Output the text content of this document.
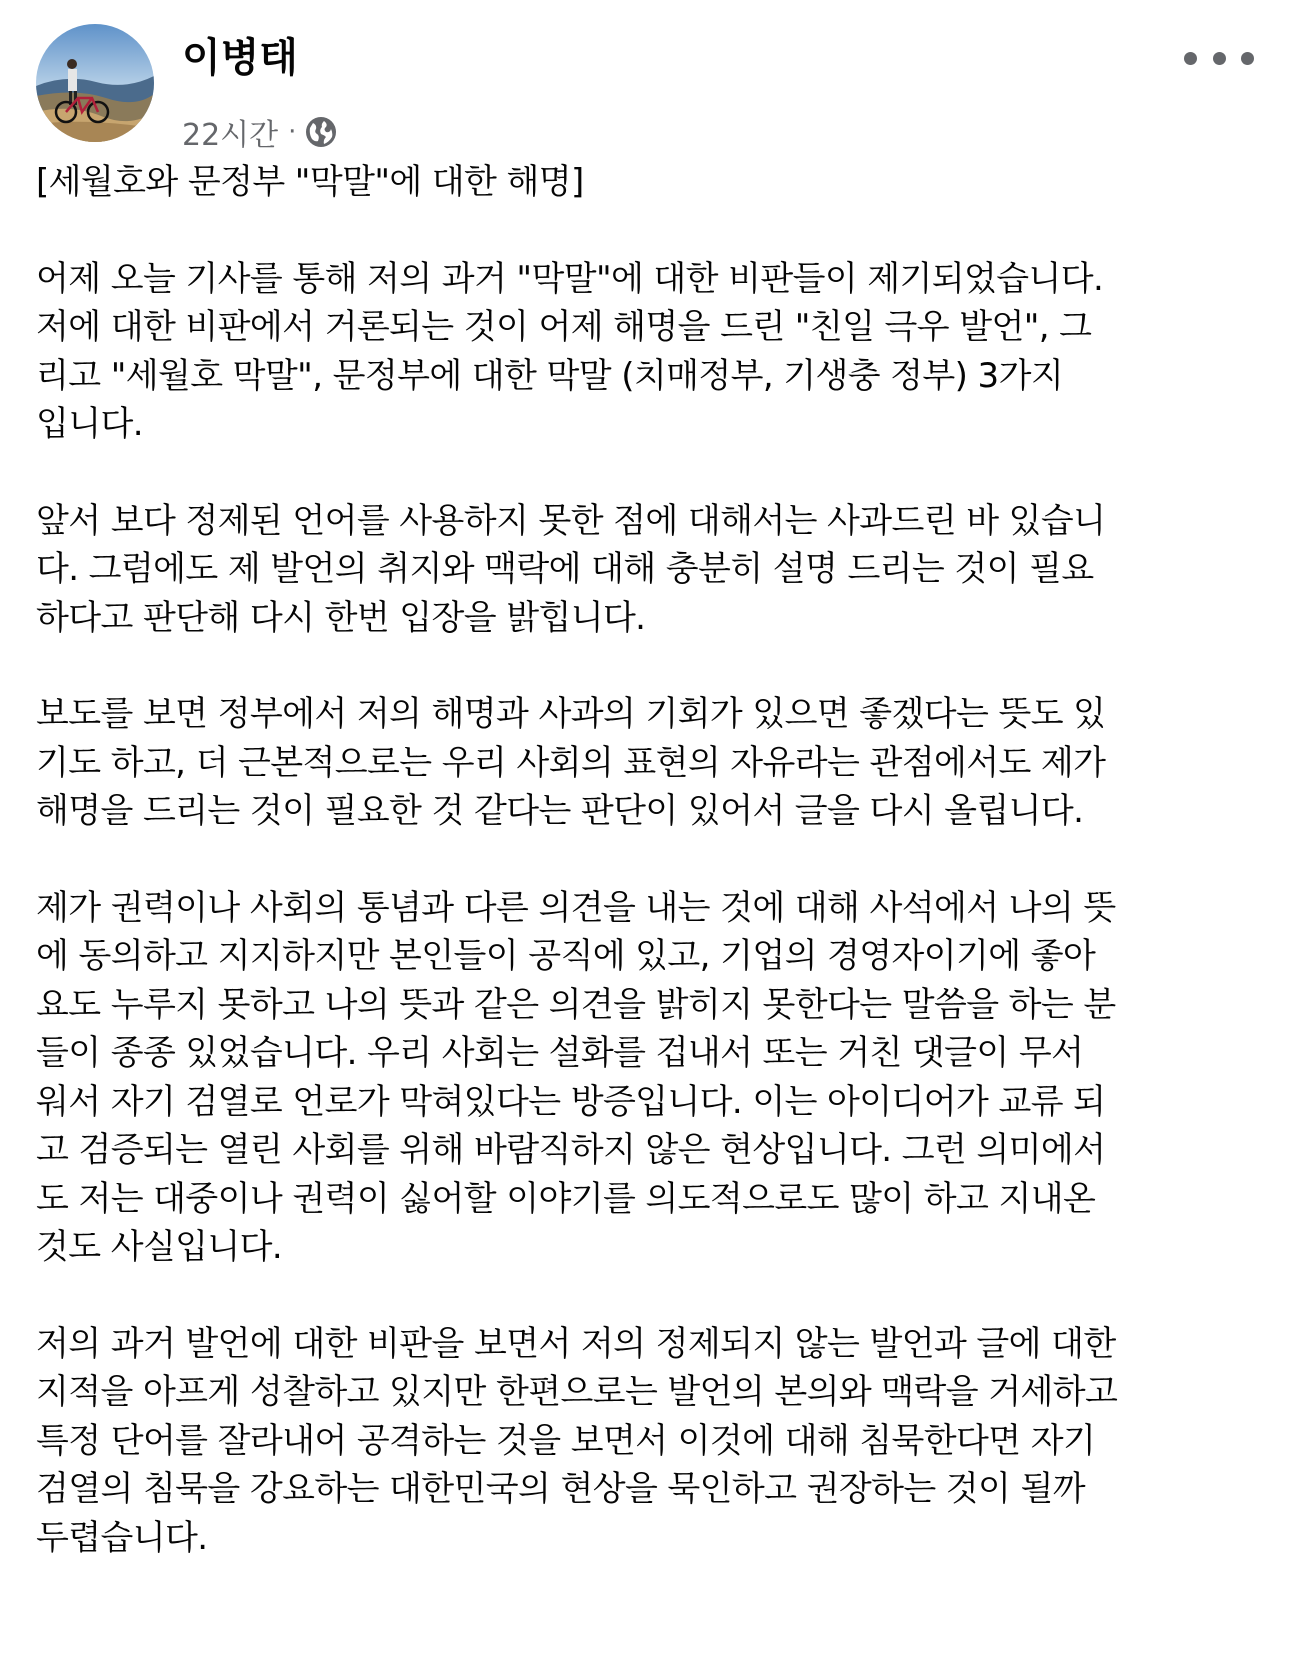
이병태
22시간 ·

[세월호와 문정부 "막말"에 대한 해명]

어제 오늘 기사를 통해 저의 과거 "막말"에 대한 비판들이 제기되었습니다.
저에 대한 비판에서 거론되는 것이 어제 해명을 드린 "친일 극우 발언", 그
리고 "세월호 막말", 문정부에 대한 막말 (치매정부, 기생충 정부) 3가지
입니다.

앞서 보다 정제된 언어를 사용하지 못한 점에 대해서는 사과드린 바 있습니
다. 그럼에도 제 발언의 취지와 맥락에 대해 충분히 설명 드리는 것이 필요
하다고 판단해 다시 한번 입장을 밝힙니다.

보도를 보면 정부에서 저의 해명과 사과의 기회가 있으면 좋겠다는 뜻도 있
기도 하고, 더 근본적으로는 우리 사회의 표현의 자유라는 관점에서도 제가
해명을 드리는 것이 필요한 것 같다는 판단이 있어서 글을 다시 올립니다.

제가 권력이나 사회의 통념과 다른 의견을 내는 것에 대해 사석에서 나의 뜻
에 동의하고 지지하지만 본인들이 공직에 있고, 기업의 경영자이기에 좋아
요도 누루지 못하고 나의 뜻과 같은 의견을 밝히지 못한다는 말씀을 하는 분
들이 종종 있었습니다. 우리 사회는 설화를 겁내서 또는 거친 댓글이 무서
워서 자기 검열로 언로가 막혀있다는 방증입니다. 이는 아이디어가 교류 되
고 검증되는 열린 사회를 위해 바람직하지 않은 현상입니다. 그런 의미에서
도 저는 대중이나 권력이 싫어할 이야기를 의도적으로도 많이 하고 지내온
것도 사실입니다.

저의 과거 발언에 대한 비판을 보면서 저의 정제되지 않는 발언과 글에 대한
지적을 아프게 성찰하고 있지만 한편으로는 발언의 본의와 맥락을 거세하고
특정 단어를 잘라내어 공격하는 것을 보면서 이것에 대해 침묵한다면 자기
검열의 침묵을 강요하는 대한민국의 현상을 묵인하고 권장하는 것이 될까
두렵습니다.
